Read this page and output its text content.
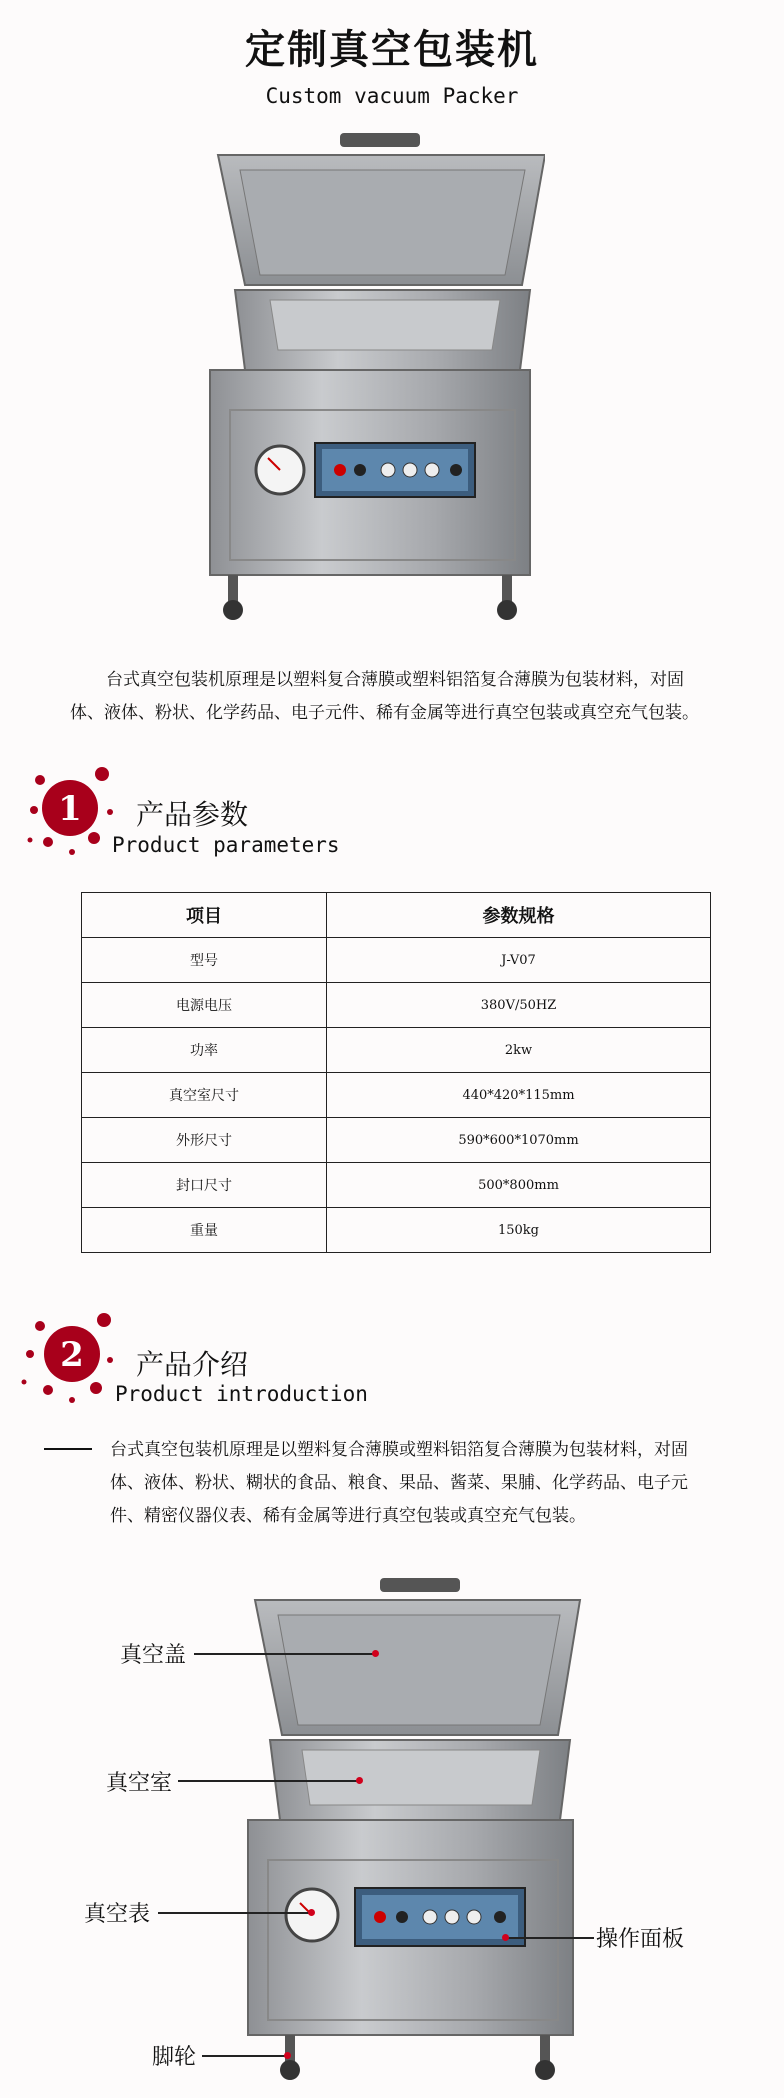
定制真空包装机
Custom vacuum Packer
台式真空包装机原理是以塑料复合薄膜或塑料铝箔复合薄膜为包装材料，对固
体、液体、粉状、化学药品、电子元件、稀有金属等进行真空包装或真空充气包装。
1 产品参数
Product parameters
项目	参数规格
型号	J-V07
电源电压	380V/50HZ
功率	2kw
真空室尺寸	440*420*115mm
外形尺寸	590*600*1070mm
封口尺寸	500*800mm
重量	150kg
2 产品介绍
Product introduction
台式真空包装机原理是以塑料复合薄膜或塑料铝箔复合薄膜为包装材料，对固
体、液体、粉状、糊状的食品、粮食、果品、酱菜、果脯、化学药品、电子元
件、精密仪器仪表、稀有金属等进行真空包装或真空充气包装。
真空盖
真空室
真空表
操作面板
脚轮
